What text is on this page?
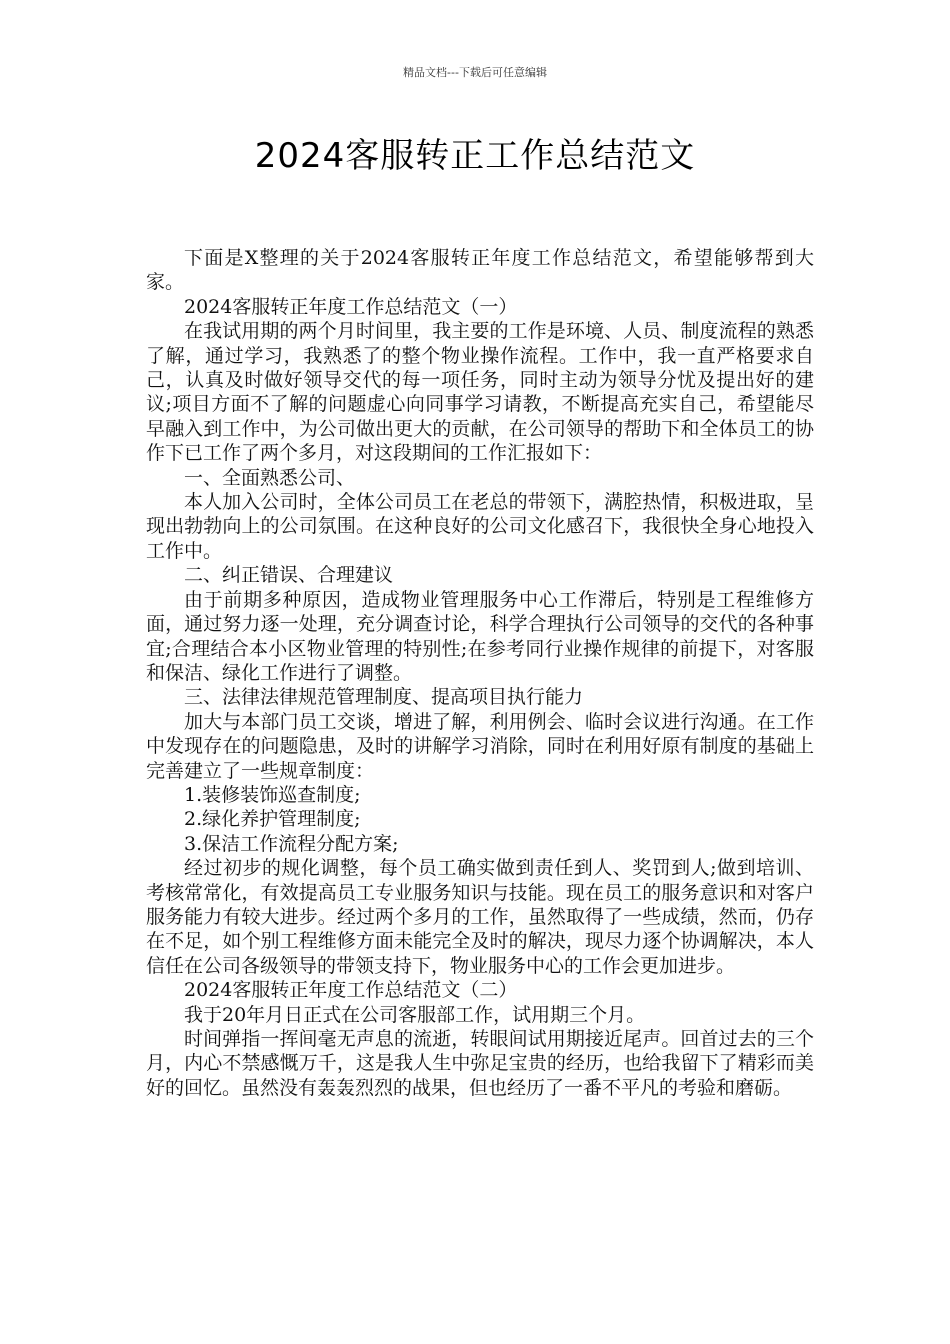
精品文档---下载后可任意编辑
2024客服转正工作总结范文

下面是X整理的关于2024客服转正年度工作总结范文，希望能够帮到大家。

2024客服转正年度工作总结范文（一）

在我试用期的两个月时间里，我主要的工作是环境、人员、制度流程的熟悉了解，通过学习，我熟悉了的整个物业操作流程。工作中，我一直严格要求自己，认真及时做好领导交代的每一项任务，同时主动为领导分忧及提出好的建议;项目方面不了解的问题虚心向同事学习请教，不断提高充实自己，希望能尽早融入到工作中，为公司做出更大的贡献，在公司领导的帮助下和全体员工的协作下已工作了两个多月，对这段期间的工作汇报如下：

一、全面熟悉公司、

本人加入公司时，全体公司员工在老总的带领下，满腔热情，积极进取，呈现出勃勃向上的公司氛围。在这种良好的公司文化感召下，我很快全身心地投入工作中。

二、纠正错误、合理建议

由于前期多种原因，造成物业管理服务中心工作滞后，特别是工程维修方面，通过努力逐一处理，充分调查讨论，科学合理执行公司领导的交代的各种事宜;合理结合本小区物业管理的特别性;在参考同行业操作规律的前提下，对客服和保洁、绿化工作进行了调整。

三、法律法律规范管理制度、提高项目执行能力

加大与本部门员工交谈，增进了解，利用例会、临时会议进行沟通。在工作中发现存在的问题隐患，及时的讲解学习消除，同时在利用好原有制度的基础上完善建立了一些规章制度：

1.装修装饰巡查制度;

2.绿化养护管理制度;

3.保洁工作流程分配方案;

经过初步的规化调整，每个员工确实做到责任到人、奖罚到人;做到培训、考核常常化，有效提高员工专业服务知识与技能。现在员工的服务意识和对客户服务能力有较大进步。经过两个多月的工作，虽然取得了一些成绩，然而，仍存在不足，如个别工程维修方面未能完全及时的解决，现尽力逐个协调解决，本人信任在公司各级领导的带领支持下，物业服务中心的工作会更加进步。

2024客服转正年度工作总结范文（二）

我于20年月日正式在公司客服部工作，试用期三个月。

时间弹指一挥间毫无声息的流逝，转眼间试用期接近尾声。回首过去的三个月，内心不禁感慨万千，这是我人生中弥足宝贵的经历，也给我留下了精彩而美好的回忆。虽然没有轰轰烈烈的战果，但也经历了一番不平凡的考验和磨砺。
